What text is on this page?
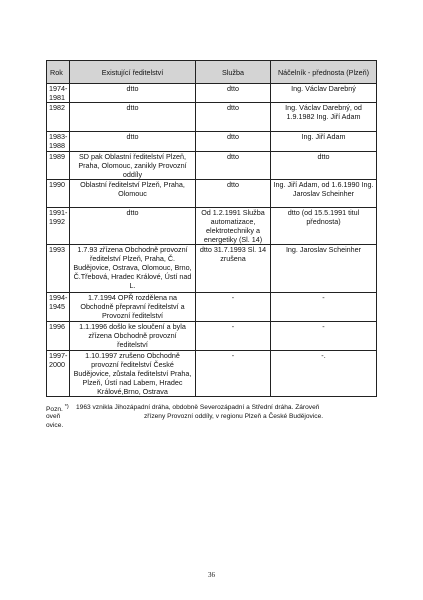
Rok	Existující ředitelství	Služba	Náčelník - přednosta (Plzeň)
1974-1981	dtto	dtto	Ing. Václav Darebný
1982	dtto	dtto	Ing. Václav Darebný, od 1.9.1982 Ing. Jiří Adam
1983-1988	dtto	dtto	Ing. Jiří Adam
1989	SD pak Oblastní ředitelství Plzeň, Praha, Olomouc, zanikly Provozní oddíly	dtto	dtto
1990	Oblastní ředitelství Plzeň, Praha, Olomouc	dtto	Ing. Jiří Adam, od 1.6.1990 Ing. Jaroslav Scheinher
1991-1992	dtto	Od 1.2.1991 Služba automatizace, elektrotechniky a energetiky (Sl. 14)	dtto (od 15.5.1991 titul přednosta)
1993	1.7.93 zřízena Obchodně provozní ředitelství Plzeň, Praha, Č. Budějovice, Ostrava, Olomouc, Brno, Č.Třebová, Hradec Králové, Ústí nad L.	dtto 31.7.1993 Sl. 14 zrušena	Ing. Jaroslav Scheinher
1994-1945	1.7.1994 OPŘ rozdělena na Obchodně přepravní ředitelství a Provozní ředitelství	-	-
1996	1.1.1996 došlo ke sloučení a byla zřízena Obchodně provozní ředitelství	-	-
1997-2000	1.10.1997 zrušeno Obchodně provozní ředitelství České Budějovice, zůstala ředitelství Praha, Plzeň, Ústí nad Labem, Hradec Králové,Brno, Ostrava	-	-.
Pozn. *) 1963 vznikla Jihozápadní dráha, obdobně Severozápadní a Střední dráha. Zároveň
oveň	zřízeny Provozní oddíly, v regionu Plzeň a České Budějovice.
ovice.
36
